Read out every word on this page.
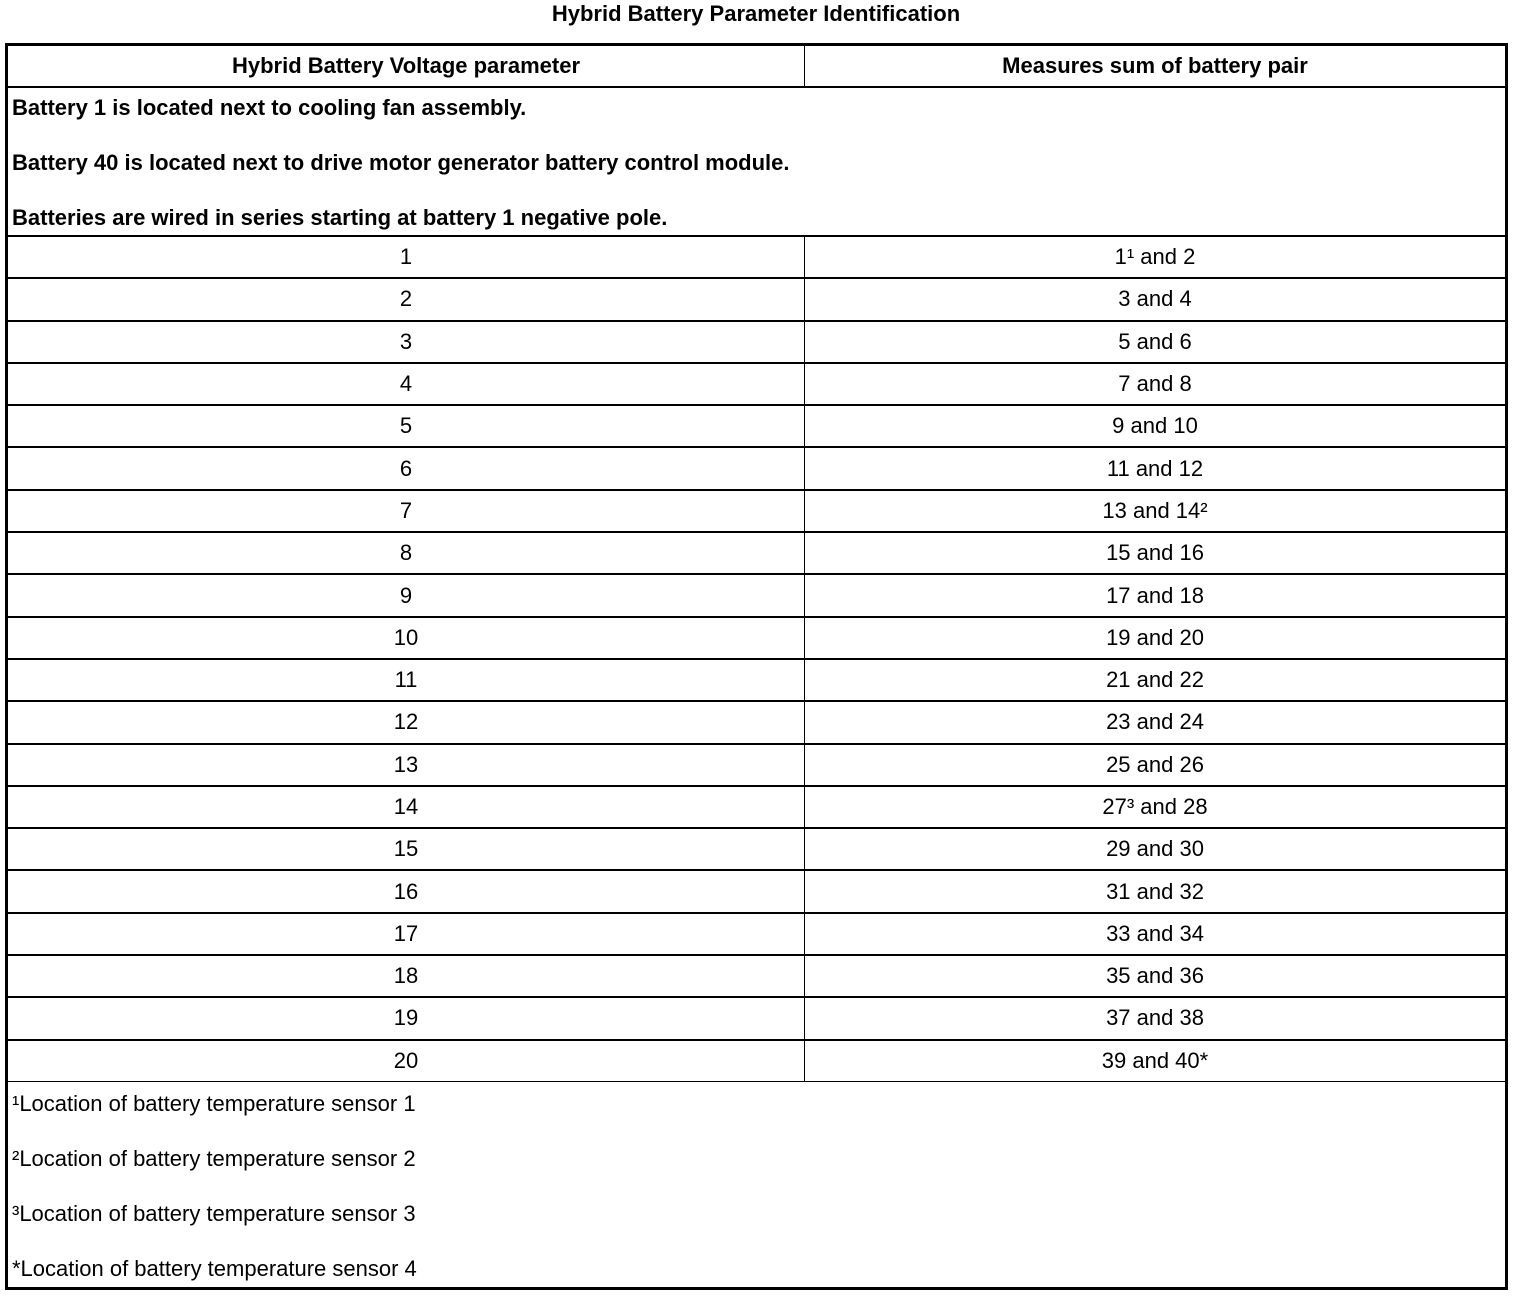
Hybrid Battery Parameter Identification
Hybrid Battery Voltage parameter	Measures sum of battery pair
Battery 1 is located next to cooling fan assembly.
Battery 40 is located next to drive motor generator battery control module.
Batteries are wired in series starting at battery 1 negative pole.
1	1¹ and 2
2	3 and 4
3	5 and 6
4	7 and 8
5	9 and 10
6	11 and 12
7	13 and 14²
8	15 and 16
9	17 and 18
10	19 and 20
11	21 and 22
12	23 and 24
13	25 and 26
14	27³ and 28
15	29 and 30
16	31 and 32
17	33 and 34
18	35 and 36
19	37 and 38
20	39 and 40*
¹Location of battery temperature sensor 1
²Location of battery temperature sensor 2
³Location of battery temperature sensor 3
*Location of battery temperature sensor 4
